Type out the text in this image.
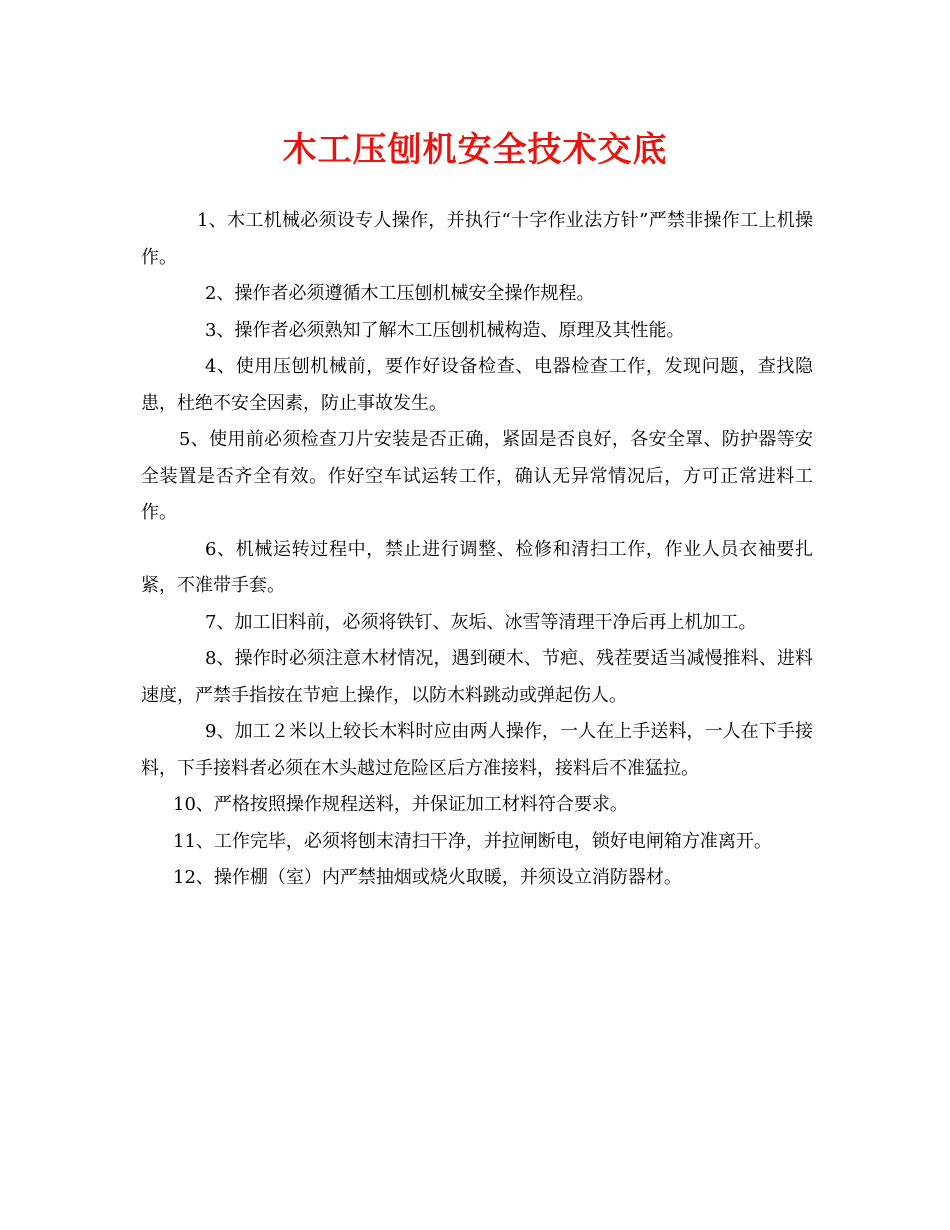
木工压刨机安全技术交底

1、木工机械必须设专人操作，并执行“十字作业法方针”严禁非操作工上机操作。

2、操作者必须遵循木工压刨机械安全操作规程。

3、操作者必须熟知了解木工压刨机械构造、原理及其性能。

4、使用压刨机械前，要作好设备检查、电器检查工作，发现问题，查找隐患，杜绝不安全因素，防止事故发生。

5、使用前必须检查刀片安装是否正确，紧固是否良好，各安全罩、防护器等安全装置是否齐全有效。作好空车试运转工作，确认无异常情况后，方可正常进料工作。

6、机械运转过程中，禁止进行调整、检修和清扫工作，作业人员衣袖要扎紧，不准带手套。

7、加工旧料前，必须将铁钉、灰垢、冰雪等清理干净后再上机加工。

8、操作时必须注意木材情况，遇到硬木、节疤、残茬要适当减慢推料、进料速度，严禁手指按在节疤上操作，以防木料跳动或弹起伤人。

9、加工２米以上较长木料时应由两人操作，一人在上手送料，一人在下手接料，下手接料者必须在木头越过危险区后方准接料，接料后不准猛拉。

10、严格按照操作规程送料，并保证加工材料符合要求。

11、工作完毕，必须将刨末清扫干净，并拉闸断电，锁好电闸箱方准离开。

12、操作棚（室）内严禁抽烟或烧火取暖，并须设立消防器材。
